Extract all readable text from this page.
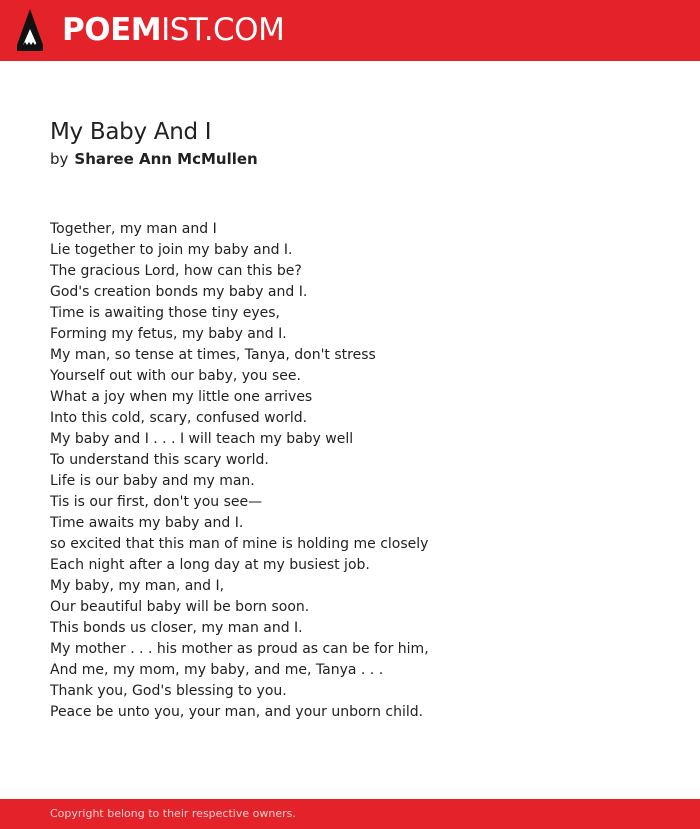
POEMIST.COM
My Baby And I
by Sharee Ann McMullen
Together, my man and I
Lie together to join my baby and I.
The gracious Lord, how can this be?
God's creation bonds my baby and I.
Time is awaiting those tiny eyes,
Forming my fetus, my baby and I.
My man, so tense at times, Tanya, don't stress
Yourself out with our baby, you see.
What a joy when my little one arrives
Into this cold, scary, confused world.
My baby and I . . . I will teach my baby well
To understand this scary world.
Life is our baby and my man.
Tis is our first, don't you see—
Time awaits my baby and I.
so excited that this man of mine is holding me closely
Each night after a long day at my busiest job.
My baby, my man, and I,
Our beautiful baby will be born soon.
This bonds us closer, my man and I.
My mother . . . his mother as proud as can be for him,
And me, my mom, my baby, and me, Tanya . . .
Thank you, God's blessing to you.
Peace be unto you, your man, and your unborn child.
Copyright belong to their respective owners.
